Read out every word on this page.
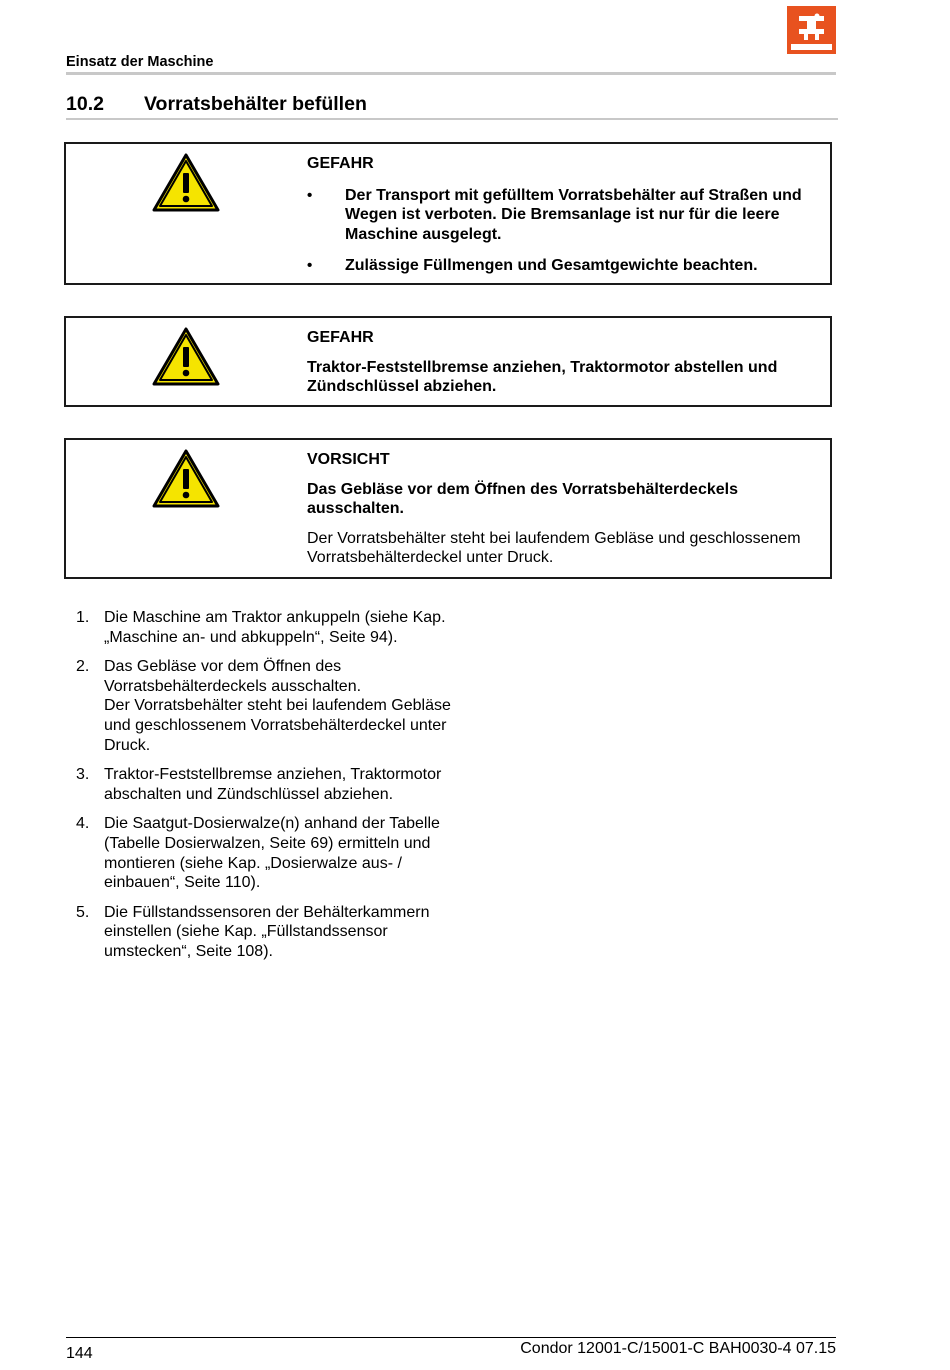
Einsatz der Maschine
10.2 Vorratsbehälter befüllen
GEFAHR
• Der Transport mit gefülltem Vorratsbehälter auf Straßen und Wegen ist verboten. Die Bremsanlage ist nur für die leere Maschine ausgelegt.
• Zulässige Füllmengen und Gesamtgewichte beachten.
GEFAHR
Traktor-Feststellbremse anziehen, Traktormotor abstellen und Zündschlüssel abziehen.
VORSICHT
Das Gebläse vor dem Öffnen des Vorratsbehälterdeckels ausschalten.
Der Vorratsbehälter steht bei laufendem Gebläse und geschlossenem Vorratsbehälterdeckel unter Druck.
1. Die Maschine am Traktor ankuppeln (siehe Kap. „Maschine an- und abkuppeln“, Seite 94).
2. Das Gebläse vor dem Öffnen des Vorratsbehälterdeckels ausschalten.
Der Vorratsbehälter steht bei laufendem Gebläse und geschlossenem Vorratsbehälterdeckel unter Druck.
3. Traktor-Feststellbremse anziehen, Traktormotor abschalten und Zündschlüssel abziehen.
4. Die Saatgut-Dosierwalze(n) anhand der Tabelle (Tabelle Dosierwalzen, Seite 69) ermitteln und montieren (siehe Kap. „Dosierwalze aus- / einbauen“, Seite 110).
5. Die Füllstandssensoren der Behälterkammern einstellen (siehe Kap. „Füllstandssensor umstecken“, Seite 108).
144	Condor 12001-C/15001-C BAH0030-4 07.15
